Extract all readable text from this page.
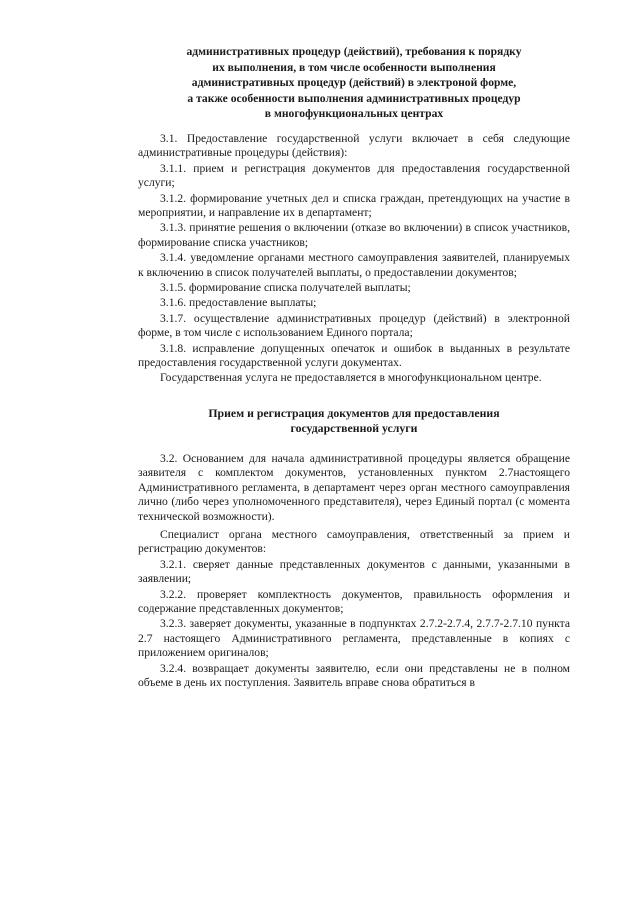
административных процедур (действий), требования к порядку
их выполнения, в том числе особенности выполнения
административных процедур (действий) в электроной форме,
а также особенности выполнения административных процедур
в многофункциональных центрах

3.1. Предоставление государственной услуги включает в себя следующие административные процедуры (действия):

3.1.1. прием и регистрация документов для предоставления государственной услуги;

3.1.2. формирование учетных дел и списка граждан, претендующих на участие в мероприятии, и направление их в департамент;

3.1.3. принятие решения о включении (отказе во включении) в список участников, формирование списка участников;

3.1.4. уведомление органами местного самоуправления заявителей, планируемых к включению в список получателей выплаты, о предоставлении документов;

3.1.5. формирование списка получателей выплаты;

3.1.6. предоставление выплаты;

3.1.7. осуществление административных процедур (действий) в электронной форме, в том числе с использованием Единого портала;

3.1.8. исправление допущенных опечаток и ошибок в выданных в результате предоставления государственной услуги документах.

Государственная услуга не предоставляется в многофункциональном центре.

Прием и регистрация документов для предоставления
государственной услуги

3.2. Основанием для начала административной процедуры является обращение заявителя с комплектом документов, установленных пунктом 2.7настоящего Административного регламента, в департамент через орган местного самоуправления лично (либо через уполномоченного представителя), через Единый портал (с момента технической возможности).

Специалист органа местного самоуправления, ответственный за прием и регистрацию документов:

3.2.1. сверяет данные представленных документов с данными, указанными в заявлении;

3.2.2. проверяет комплектность документов, правильность оформления и содержание представленных документов;

3.2.3. заверяет документы, указанные в подпунктах 2.7.2-2.7.4, 2.7.7-2.7.10 пункта 2.7 настоящего Административного регламента, представленные в копиях с приложением оригиналов;

3.2.4. возвращает документы заявителю, если они представлены не в полном объеме в день их поступления. Заявитель вправе снова обратиться в
